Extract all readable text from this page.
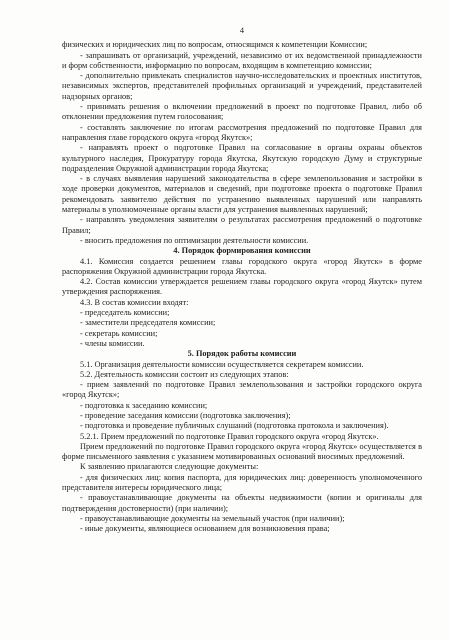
4

физических и юридических лиц по вопросам, относящимся к компетенции Комиссии;

- запрашивать от организаций, учреждений, независимо от их ведомственной принадлежности и форм собственности, информацию по вопросам, входящим в компетенцию комиссии;

- дополнительно привлекать специалистов научно-исследовательских и проектных институтов, независимых экспертов, представителей профильных организаций и учреждений, представителей надзорных органов;

- принимать решения о включении предложений в проект по подготовке Правил, либо об отклонении предложения путем голосования;

- составлять заключение по итогам рассмотрения предложений по подготовке Правил для направления главе городского округа «город Якутск»;

- направлять проект о подготовке Правил на согласование в органы охраны объектов культурного наследия, Прокуратуру города Якутска, Якутскую городскую Думу и структурные подразделения Окружной администрации города Якутска;

- в случаях выявления нарушений законодательства в сфере землепользования и застройки в ходе проверки документов, материалов и сведений, при подготовке проекта о подготовке Правил рекомендовать заявителю действия по устранению выявленных нарушений или направлять материалы в уполномоченные органы власти для устранения выявленных нарушений;

- направлять уведомления заявителям о результатах рассмотрения предложений о подготовке Правил;

- вносить предложения по оптимизации деятельности комиссии.

4. Порядок формирования комиссии

4.1. Комиссия создается решением главы городского округа «город Якутск» в форме распоряжения Окружной администрации города Якутска.

4.2. Состав комиссии утверждается решением главы городского округа «город Якутск» путем утверждения распоряжения.

4.3. В состав комиссии входят:

- председатель комиссии;

- заместители председателя комиссии;

- секретарь комиссии;

- члены комиссии.

5. Порядок работы комиссии

5.1. Организация деятельности комиссии осуществляется секретарем комиссии.

5.2. Деятельность комиссии состоит из следующих этапов:

- прием заявлений по подготовке Правил землепользования и застройки городского округа «город Якутск»;

- подготовка к заседанию комиссии;

- проведение заседания комиссии (подготовка заключения);

- подготовка и проведение публичных слушаний (подготовка протокола и заключения).

5.2.1. Прием предложений по подготовке Правил городского округа «город Якутск».

Прием предложений по подготовке Правил городского округа «город Якутск» осуществляется в форме письменного заявления с указанием мотивированных оснований вносимых предложений.

К заявлению прилагаются следующие документы:

- для физических лиц: копия паспорта, для юридических лиц: доверенность уполномоченного представителя интересы юридического лица;

- правоустанавливающие документы на объекты недвижимости (копии и оригиналы для подтверждения достоверности) (при наличии);

- правоустанавливающие документы на земельный участок (при наличии);

- иные документы, являющиеся основанием для возникновения права;
